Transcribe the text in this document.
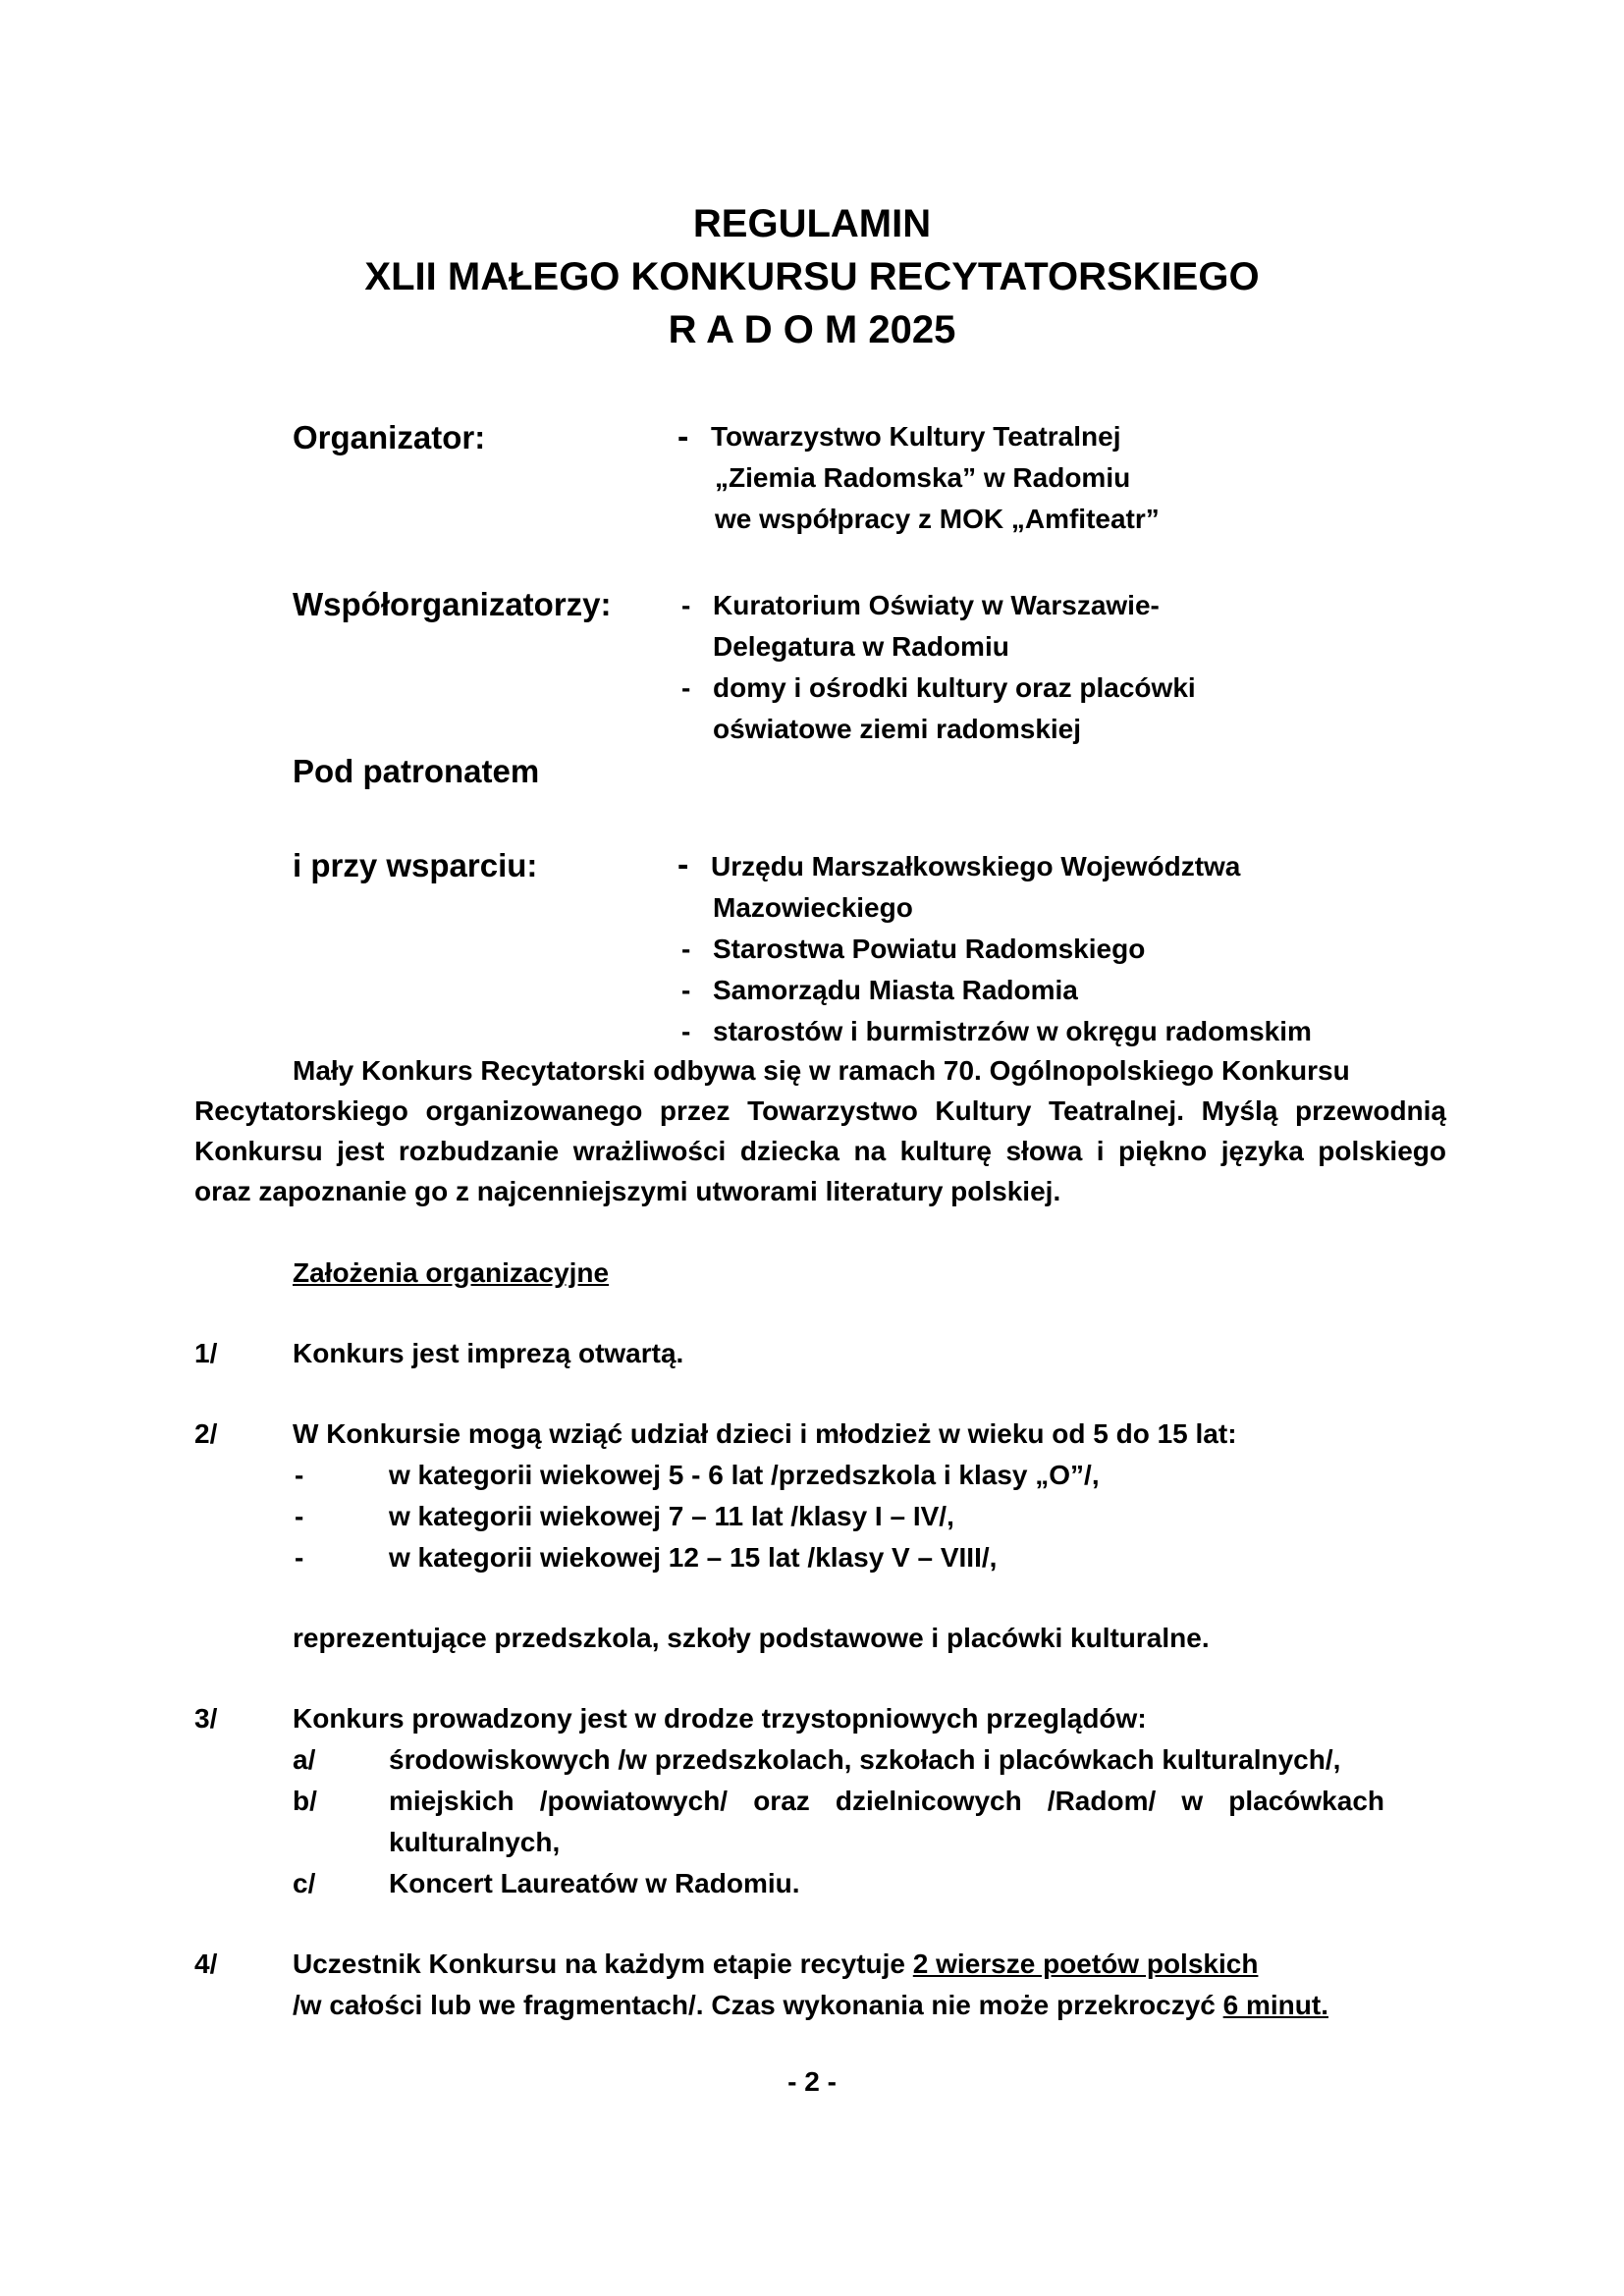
REGULAMIN
XLII MAŁEGO KONKURSU RECYTATORSKIEGO
R A D O M 2025
Organizator:	- Towarzystwo Kultury Teatralnej
„Ziemia Radomska” w Radomiu
we współpracy z MOK „Amfiteatr”
Współorganizatorzy:	- Kuratorium Oświaty w Warszawie-
Delegatura w Radomiu
- domy i ośrodki kultury oraz placówki
oświatowe ziemi radomskiej
Pod patronatem
i przy wsparciu:	- Urzędu Marszałkowskiego Województwa
Mazowieckiego
- Starostwa Powiatu Radomskiego
- Samorządu Miasta Radomia
- starostów i burmistrzów w okręgu radomskim
Mały Konkurs Recytatorski odbywa się w ramach 70. Ogólnopolskiego Konkursu
Recytatorskiego organizowanego przez Towarzystwo Kultury Teatralnej. Myślą przewodnią
Konkursu jest rozbudzanie wrażliwości dziecka na kulturę słowa i piękno języka polskiego
oraz zapoznanie go z najcenniejszymi utworami literatury polskiej.
Założenia organizacyjne
1/	Konkurs jest imprezą otwartą.
2/	W Konkursie mogą wziąć udział dzieci i młodzież w wieku od 5 do 15 lat:
-	w kategorii wiekowej 5 - 6 lat /przedszkola i klasy „O”/,
-	w kategorii wiekowej 7 – 11 lat /klasy I – IV/,
-	w kategorii wiekowej 12 – 15 lat /klasy V – VIII/,
reprezentujące przedszkola, szkoły podstawowe i placówki kulturalne.
3/	Konkurs prowadzony jest w drodze trzystopniowych przeglądów:
a/	środowiskowych /w przedszkolach, szkołach i placówkach kulturalnych/,
b/	miejskich /powiatowych/ oraz dzielnicowych /Radom/ w placówkach
kulturalnych,
c/	Koncert Laureatów w Radomiu.
4/	Uczestnik Konkursu na każdym etapie recytuje 2 wiersze poetów polskich
/w całości lub we fragmentach/. Czas wykonania nie może przekroczyć 6 minut.
- 2 -
